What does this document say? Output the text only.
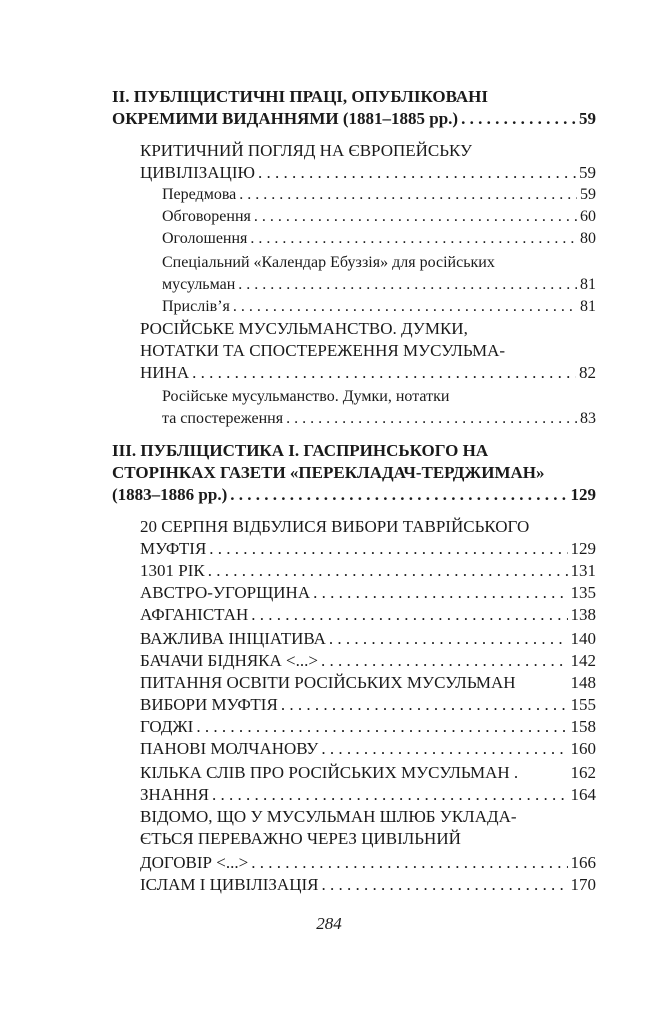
II. ПУБЛІЦИСТИЧНІ ПРАЦІ, ОПУБЛІКОВАНІ
ОКРЕМИМИ ВИДАННЯМИ (1881–1885 рр.) . . .	59
КРИТИЧНИЙ ПОГЛЯД НА ЄВРОПЕЙСЬКУ
ЦИВІЛІЗАЦІЮ . . .	59
Передмова . . .	59
Обговорення . . .	60
Оголошення . . .	80
Спеціальний «Календар Ебуззія» для російських
мусульман . . .	81
Прислів’я . . .	81
РОСІЙСЬКЕ МУСУЛЬМАНСТВО. ДУМКИ,
НОТАТКИ ТА СПОСТЕРЕЖЕННЯ МУСУЛЬМА-
НИНА . . .	82
Російське мусульманство. Думки, нотатки
та спостереження . . .	83
III. ПУБЛІЦИСТИКА І. ГАСПРИНСЬКОГО НА
СТОРІНКАХ ГАЗЕТИ «ПЕРЕКЛАДАЧ-ТЕРДЖИМАН»
(1883–1886 рр.) . . .	129
20 СЕРПНЯ ВІДБУЛИСЯ ВИБОРИ ТАВРІЙСЬКОГО
МУФТІЯ . . .	129
1301 РІК . . .	131
АВСТРО-УГОРЩИНА . . .	135
АФГАНІСТАН . . .	138
ВАЖЛИВА ІНІЦІАТИВА . . .	140
БАЧАЧИ БІДНЯКА <...> . . .	142
ПИТАННЯ ОСВІТИ РОСІЙСЬКИХ МУСУЛЬМАН	148
ВИБОРИ МУФТІЯ . . .	155
ГОДЖІ . . .	158
ПАНОВІ МОЛЧАНОВУ . . .	160
КІЛЬКА СЛІВ ПРО РОСІЙСЬКИХ МУСУЛЬМАН .	162
ЗНАННЯ . . .	164
ВІДОМО, ЩО У МУСУЛЬМАН ШЛЮБ УКЛАДА-
ЄТЬСЯ ПЕРЕВАЖНО ЧЕРЕЗ ЦИВІЛЬНИЙ
ДОГОВІР <...> . . .	166
ІСЛАМ І ЦИВІЛІЗАЦІЯ . . .	170
284
